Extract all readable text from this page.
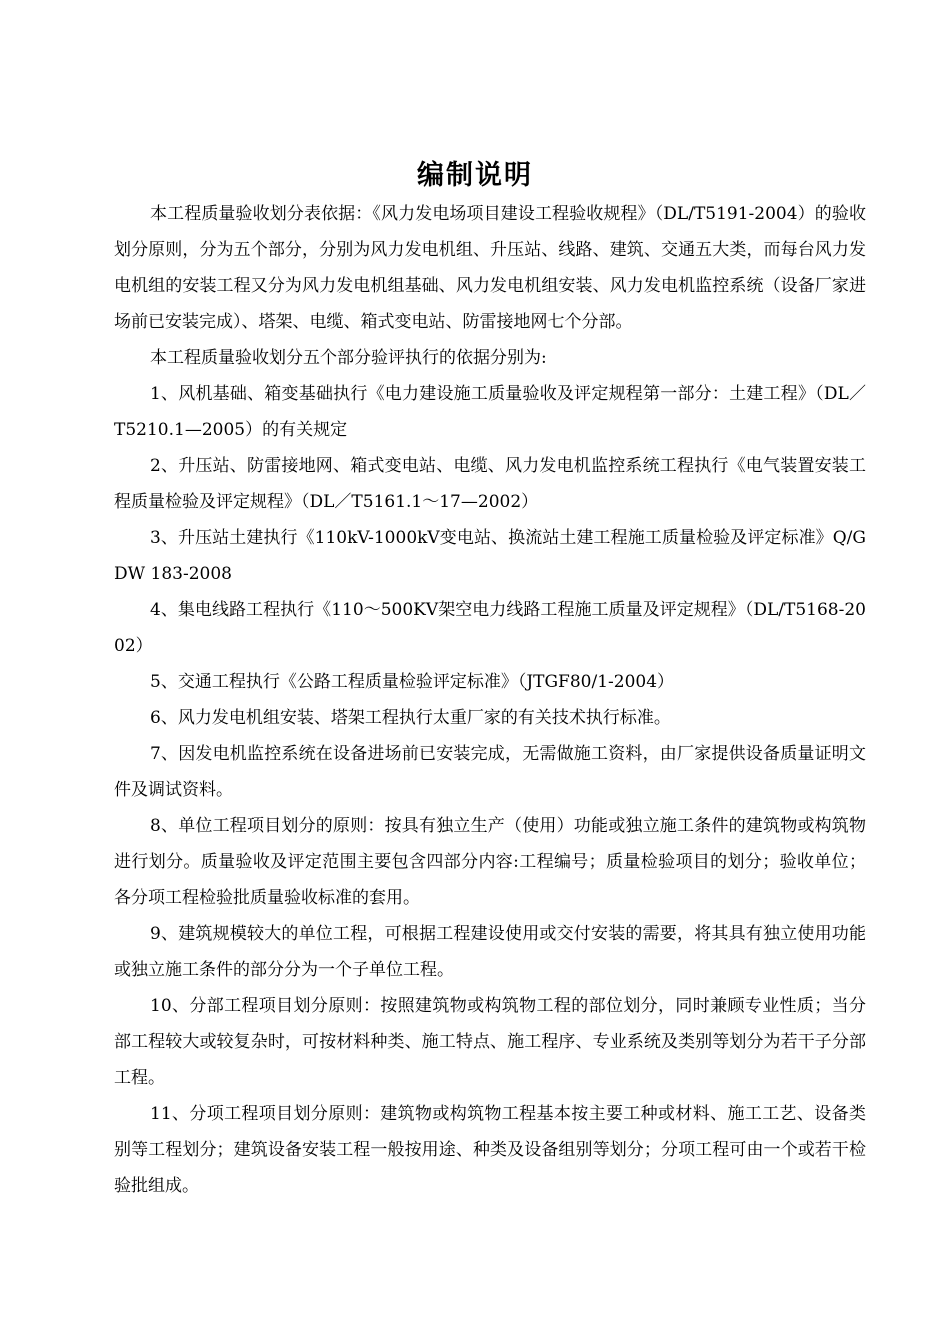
编制说明

本工程质量验收划分表依据：《风力发电场项目建设工程验收规程》（DL/T5191-2004）的验收划分原则，分为五个部分，分别为风力发电机组、升压站、线路、建筑、交通五大类，而每台风力发电机组的安装工程又分为风力发电机组基础、风力发电机组安装、风力发电机监控系统（设备厂家进场前已安装完成）、塔架、电缆、箱式变电站、防雷接地网七个分部。

本工程质量验收划分五个部分验评执行的依据分别为:

1、风机基础、箱变基础执行《电力建设施工质量验收及评定规程第一部分：土建工程》（DL／T5210.1—2005）的有关规定

2、升压站、防雷接地网、箱式变电站、电缆、风力发电机监控系统工程执行《电气装置安装工程质量检验及评定规程》（DL／T5161.1～17—2002）

3、升压站土建执行《110kV-1000kV变电站、换流站土建工程施工质量检验及评定标准》Q/GDW 183-2008

4、集电线路工程执行《110～500KV架空电力线路工程施工质量及评定规程》（DL/T5168-2002）

5、交通工程执行《公路工程质量检验评定标准》（JTGF80/1-2004）

6、风力发电机组安装、塔架工程执行太重厂家的有关技术执行标准。

7、因发电机监控系统在设备进场前已安装完成，无需做施工资料，由厂家提供设备质量证明文件及调试资料。

8、单位工程项目划分的原则：按具有独立生产（使用）功能或独立施工条件的建筑物或构筑物进行划分。质量验收及评定范围主要包含四部分内容:工程编号；质量检验项目的划分；验收单位；各分项工程检验批质量验收标准的套用。

9、建筑规模较大的单位工程，可根据工程建设使用或交付安装的需要，将其具有独立使用功能或独立施工条件的部分分为一个子单位工程。

10、分部工程项目划分原则：按照建筑物或构筑物工程的部位划分，同时兼顾专业性质；当分部工程较大或较复杂时，可按材料种类、施工特点、施工程序、专业系统及类别等划分为若干子分部工程。

11、分项工程项目划分原则：建筑物或构筑物工程基本按主要工种或材料、施工工艺、设备类别等工程划分；建筑设备安装工程一般按用途、种类及设备组别等划分；分项工程可由一个或若干检验批组成。
